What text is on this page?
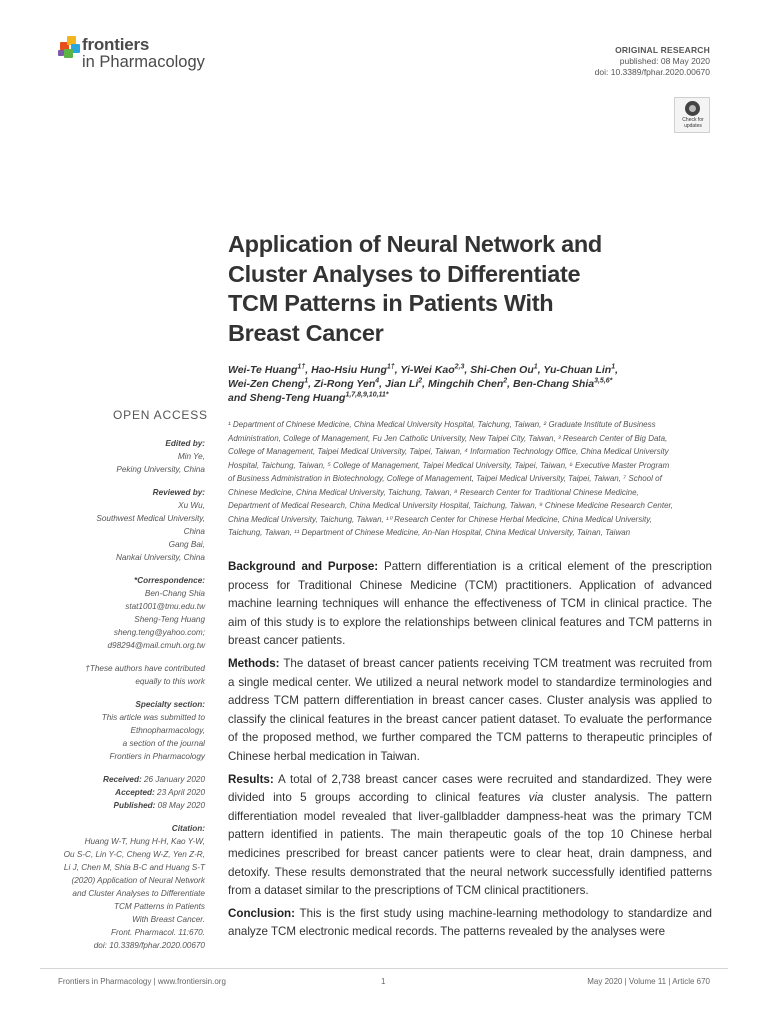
frontiers
in Pharmacology
ORIGINAL RESEARCH
published: 08 May 2020
doi: 10.3389/fphar.2020.00670
Check for
updates
Application of Neural Network and
Cluster Analyses to Differentiate
TCM Patterns in Patients With
Breast Cancer
Wei-Te Huang$^{1\dagger}$, Hao-Hsiu Hung$^{1\dagger}$, Yi-Wei Kao$^{2,3}$, Shi-Chen Ou$^1$, Yu-Chuan Lin$^1$,
Wei-Zen Cheng$^1$, Zi-Rong Yen$^4$, Jian Li$^2$, Mingchih Chen$^2$, Ben-Chang Shia$^{3,5,6*}$
and Sheng-Teng Huang$^{1,7,8,9,10,11*}$
¹ Department of Chinese Medicine, China Medical University Hospital, Taichung, Taiwan, ² Graduate Institute of Business
Administration, College of Management, Fu Jen Catholic University, New Taipei City, Taiwan, ³ Research Center of Big Data,
College of Management, Taipei Medical University, Taipei, Taiwan, ⁴ Information Technology Office, China Medical University
Hospital, Taichung, Taiwan, ⁵ College of Management, Taipei Medical University, Taipei, Taiwan, ⁶ Executive Master Program
of Business Administration in Biotechnology, College of Management, Taipei Medical University, Taipei, Taiwan, ⁷ School of
Chinese Medicine, China Medical University, Taichung, Taiwan, ⁸ Research Center for Traditional Chinese Medicine,
Department of Medical Research, China Medical University Hospital, Taichung, Taiwan, ⁹ Chinese Medicine Research Center,
China Medical University, Taichung, Taiwan, ¹⁰ Research Center for Chinese Herbal Medicine, China Medical University,
Taichung, Taiwan, ¹¹ Department of Chinese Medicine, An-Nan Hospital, China Medical University, Tainan, Taiwan
OPEN ACCESS
Edited by:
Min Ye,
Peking University, China
Reviewed by:
Xu Wu,
Southwest Medical University,
China
Gang Bai,
Nankai University, China
*Correspondence:
Ben-Chang Shia
stat1001@tmu.edu.tw
Sheng-Teng Huang
sheng.teng@yahoo.com;
d98294@mail.cmuh.org.tw
†These authors have contributed
equally to this work
Specialty section:
This article was submitted to
Ethnopharmacology,
a section of the journal
Frontiers in Pharmacology
Received: 26 January 2020
Accepted: 23 April 2020
Published: 08 May 2020
Citation:
Huang W-T, Hung H-H, Kao Y-W,
Ou S-C, Lin Y-C, Cheng W-Z, Yen Z-R,
Li J, Chen M, Shia B-C and Huang S-T
(2020) Application of Neural Network
and Cluster Analyses to Differentiate
TCM Patterns in Patients
With Breast Cancer.
Front. Pharmacol. 11:670.
doi: 10.3389/fphar.2020.00670

Background and Purpose: Pattern differentiation is a critical element of the prescription process for Traditional Chinese Medicine (TCM) practitioners. Application of advanced machine learning techniques will enhance the effectiveness of TCM in clinical practice. The aim of this study is to explore the relationships between clinical features and TCM patterns in breast cancer patients.

Methods: The dataset of breast cancer patients receiving TCM treatment was recruited from a single medical center. We utilized a neural network model to standardize terminologies and address TCM pattern differentiation in breast cancer cases. Cluster analysis was applied to classify the clinical features in the breast cancer patient dataset. To evaluate the performance of the proposed method, we further compared the TCM patterns to therapeutic principles of Chinese herbal medication in Taiwan.

Results: A total of 2,738 breast cancer cases were recruited and standardized. They were divided into 5 groups according to clinical features via cluster analysis. The pattern differentiation model revealed that liver-gallbladder dampness-heat was the primary TCM pattern identified in patients. The main therapeutic goals of the top 10 Chinese herbal medicines prescribed for breast cancer patients were to clear heat, drain dampness, and detoxify. These results demonstrated that the neural network successfully identified patterns from a dataset similar to the prescriptions of TCM clinical practitioners.

Conclusion: This is the first study using machine-learning methodology to standardize and analyze TCM electronic medical records. The patterns revealed by the analyses were

Frontiers in Pharmacology | www.frontiersin.org	1	May 2020 | Volume 11 | Article 670
